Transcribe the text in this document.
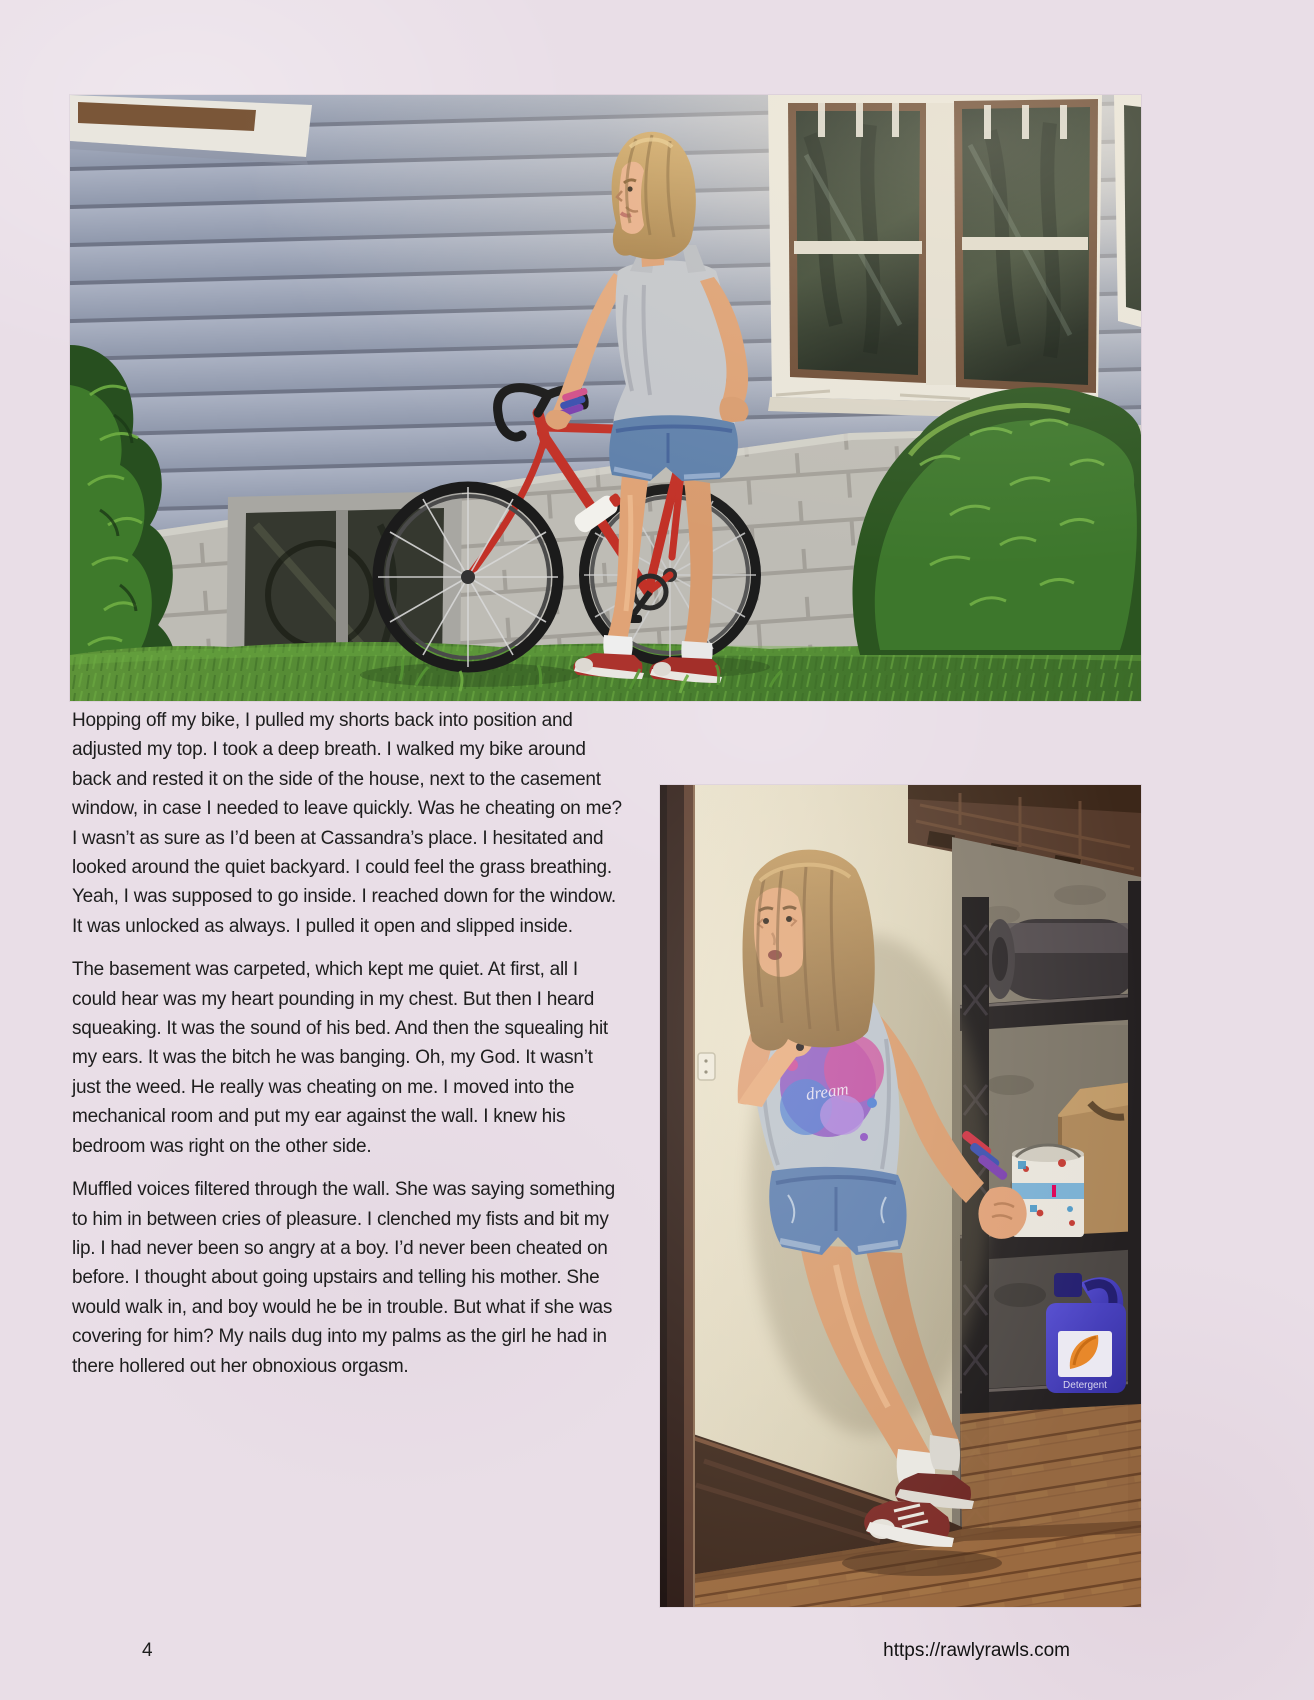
Hopping off my bike, I pulled my shorts back into position and adjusted my top. I took a deep breath. I walked my bike around back and rested it on the side of the house, next to the casement window, in case I needed to leave quickly. Was he cheating on me? I wasn’t as sure as I’d been at Cassandra’s place. I hesitated and looked around the quiet backyard. I could feel the grass breathing. Yeah, I was supposed to go inside. I reached down for the window. It was unlocked as always. I pulled it open and slipped inside.

The basement was carpeted, which kept me quiet. At first, all I could hear was my heart pounding in my chest. But then I heard squeaking. It was the sound of his bed. And then the squealing hit my ears. It was the bitch he was banging. Oh, my God. It wasn’t just the weed. He really was cheating on me. I moved into the mechanical room and put my ear against the wall. I knew his bedroom was right on the other side.

Muffled voices filtered through the wall. She was saying something to him in between cries of pleasure. I clenched my fists and bit my lip. I had never been so angry at a boy. I’d never been cheated on before. I thought about going upstairs and telling his mother. She would walk in, and boy would he be in trouble. But what if she was covering for him? My nails dug into my palms as the girl he had in there hollered out her obnoxious orgasm.

4	https://rawlyrawls.com
